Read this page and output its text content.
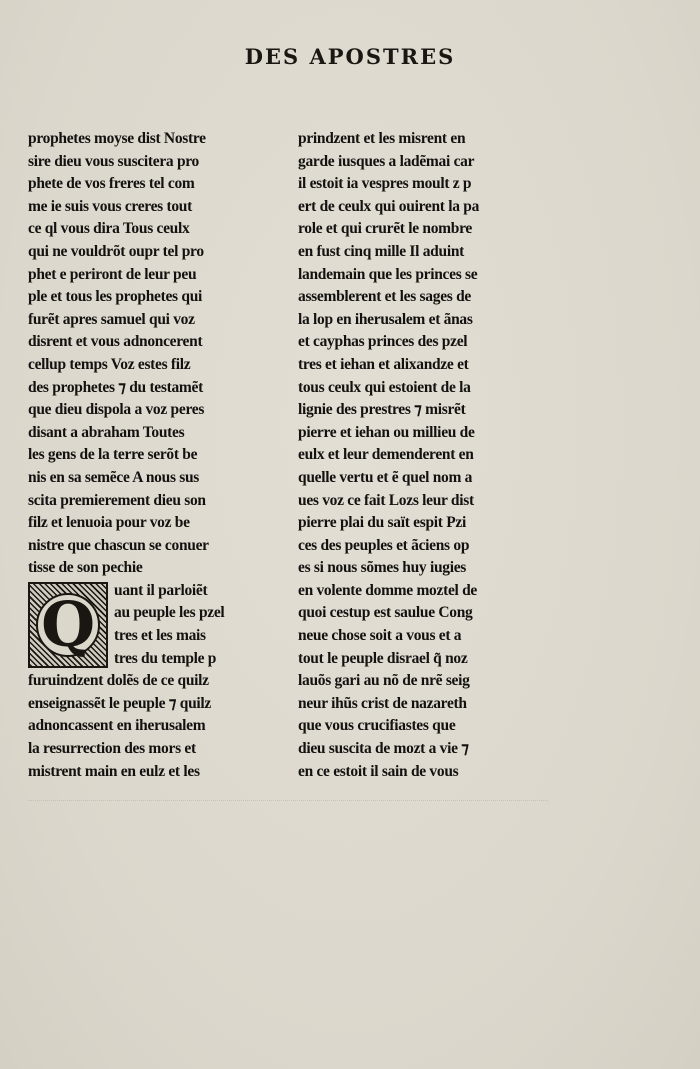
DES APOSTRES
prophetes moyse dist Nostre
sire dieu vous suscitera pro
phete de vos freres tel com
me ie suis vous creres tout
ce ql vous dira Tous ceulx
qui ne vouldrõt oupr tel pro
phet e periront de leur peu
ple et tous les prophetes qui
furẽt apres samuel qui voz
disrent et vous adnoncerent
cellup temps Voz estes filz
des prophetes ⁊ du testamẽt
que dieu dispola a voz peres
disant a abraham Toutes
les gens de la terre serõt be
nis en sa semẽce A nous sus
scita premierement dieu son
filz et lenuoia pour voz be
nistre que chascun se conuer
tisse de son pechie
Q	uant il parloiẽt
au peuple les pzel
tres et les mais
tres du temple p
furuindzent dolẽs de ce quilz
enseignassẽt le peuple ⁊ quilz
adnoncassent en iherusalem
la resurrection des mors et
mistrent main en eulz et les
prindzent et les misrent en
garde iusques a ladẽmai car
il estoit ia vespres moult z p
ert de ceulx qui ouirent la pa
role et qui crurẽt le nombre
en fust cinq mille Il aduint
landemain que les princes se
assemblerent et les sages de
la lop en iherusalem et ãnas
et cayphas princes des pzel
tres et iehan et alixandze et
tous ceulx qui estoient de la
lignie des prestres ⁊ misrẽt
pierre et iehan ou millieu de
eulx et leur demenderent en
quelle vertu et ẽ quel nom a
ues voz ce fait Lozs leur dist
pierre plai du saït espit Pzi
ces des peuples et ãciens op
es si nous sõmes huy iugies
en volente domme moztel de
quoi cestup est saulue Cong
neue chose soit a vous et a
tout le peuple disrael q̃ noz
lauõs gari au nõ de nrẽ seig
neur ihũs crist de nazareth
que vous crucifiastes que
dieu suscita de mozt a vie ⁊
en ce estoit il sain de vous
